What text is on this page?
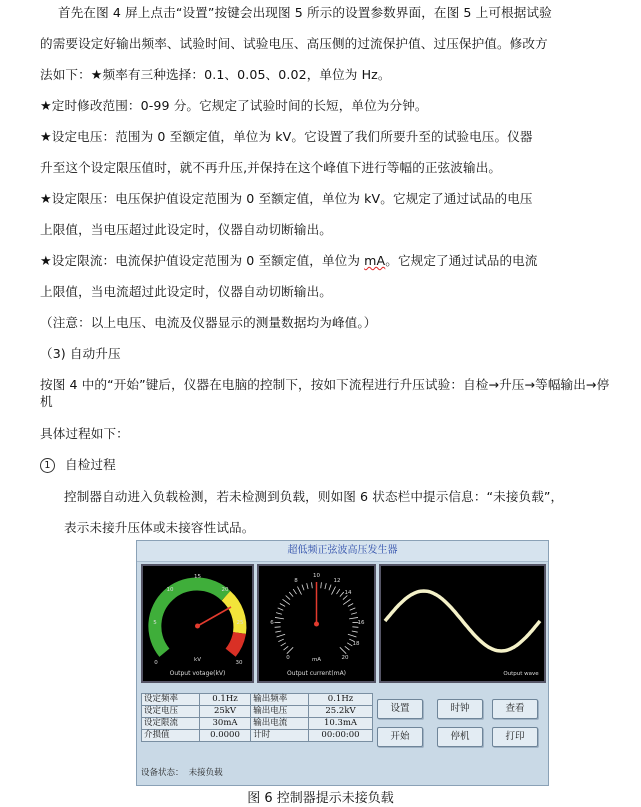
首先在图 4 屏上点击“设置”按键会出现图 5 所示的设置参数界面，在图 5 上可根据试验
的需要设定好输出频率、试验时间、试验电压、高压侧的过流保护值、过压保护值。修改方
法如下：★频率有三种选择：0.1、0.05、0.02，单位为 Hz。
★定时修改范围：0-99 分。它规定了试验时间的长短，单位为分钟。
★设定电压：范围为 0 至额定值，单位为 kV。它设置了我们所要升至的试验电压。仪器
升至这个设定限压值时，就不再升压,并保持在这个峰值下进行等幅的正弦波输出。
★设定限压：电压保护值设定范围为 0 至额定值，单位为 kV。它规定了通过试品的电压
上限值，当电压超过此设定时，仪器自动切断输出。
★设定限流：电流保护值设定范围为 0 至额定值，单位为 mA。它规定了通过试品的电流
上限值，当电流超过此设定时，仪器自动切断输出。
（注意：以上电压、电流及仪器显示的测量数据均为峰值。）
（3) 自动升压
按图 4 中的“开始”键后，仪器在电脑的控制下，按如下流程进行升压试验：自检→升压→等幅输出→停机
具体过程如下：
1 自检过程
控制器自动进入负载检测，若未检测到负载，则如图 6 状态栏中提示信息：“未接负载”，
表示未接升压体或未接容性试品。
超低频正弦波高压发生器
0
5
10
15
20
25
30
kV
Output votage(kV)
0
6
8
10
12
14
16
18
20
mA
Output current(mA)	Output wave
设定频率	0.1Hz	输出频率	0.1Hz
设定电压	25kV	输出电压	25.2kV
设定限流	30mA	输出电流	10.3mA
介损值	0.0000	计时	00:00:00
设置	时钟	查看
开始	停机	打印
设备状态： 未接负载
图 6 控制器提示未接负载
